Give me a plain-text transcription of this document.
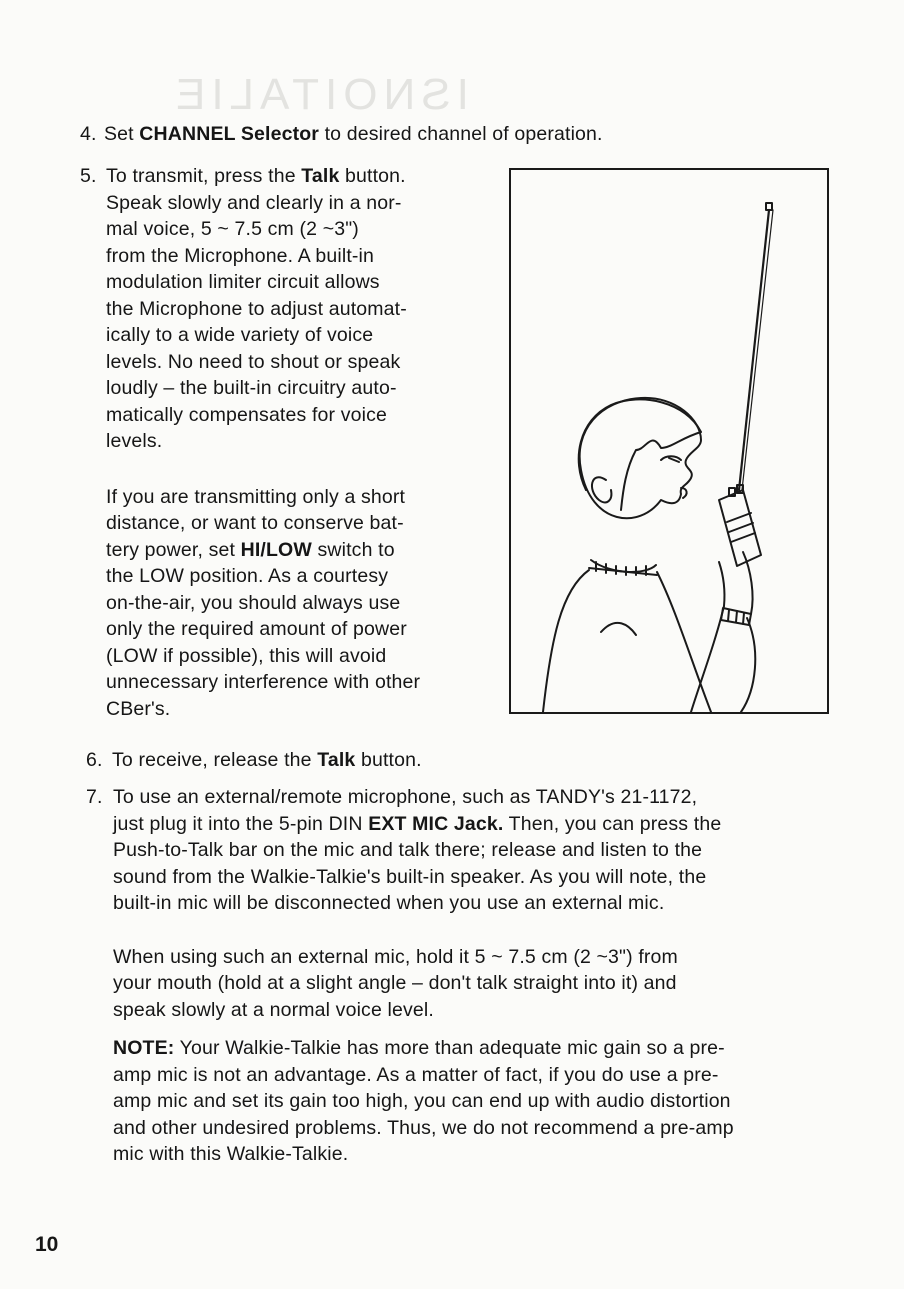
ISNOITALIE
4. Set CHANNEL Selector to desired channel of operation.
5. To transmit, press the Talk button.
Speak slowly and clearly in a nor-
mal voice, 5 ~ 7.5 cm (2 ~3")
from the Microphone. A built-in
modulation limiter circuit allows
the Microphone to adjust automat-
ically to a wide variety of voice
levels. No need to shout or speak
loudly – the built-in circuitry auto-
matically compensates for voice
levels.
If you are transmitting only a short
distance, or want to conserve bat-
tery power, set HI/LOW switch to
the LOW position. As a courtesy
on-the-air, you should always use
only the required amount of power
(LOW if possible), this will avoid
unnecessary interference with other
CBer's.
6. To receive, release the Talk button.
7. To use an external/remote microphone, such as TANDY's 21-1172,
just plug it into the 5-pin DIN EXT MIC Jack. Then, you can press the
Push-to-Talk bar on the mic and talk there; release and listen to the
sound from the Walkie-Talkie's built-in speaker. As you will note, the
built-in mic will be disconnected when you use an external mic.
When using such an external mic, hold it 5 ~ 7.5 cm (2 ~3") from
your mouth (hold at a slight angle – don't talk straight into it) and
speak slowly at a normal voice level.
NOTE: Your Walkie-Talkie has more than adequate mic gain so a pre-
amp mic is not an advantage. As a matter of fact, if you do use a pre-
amp mic and set its gain too high, you can end up with audio distortion
and other undesired problems. Thus, we do not recommend a pre-amp
mic with this Walkie-Talkie.
10
